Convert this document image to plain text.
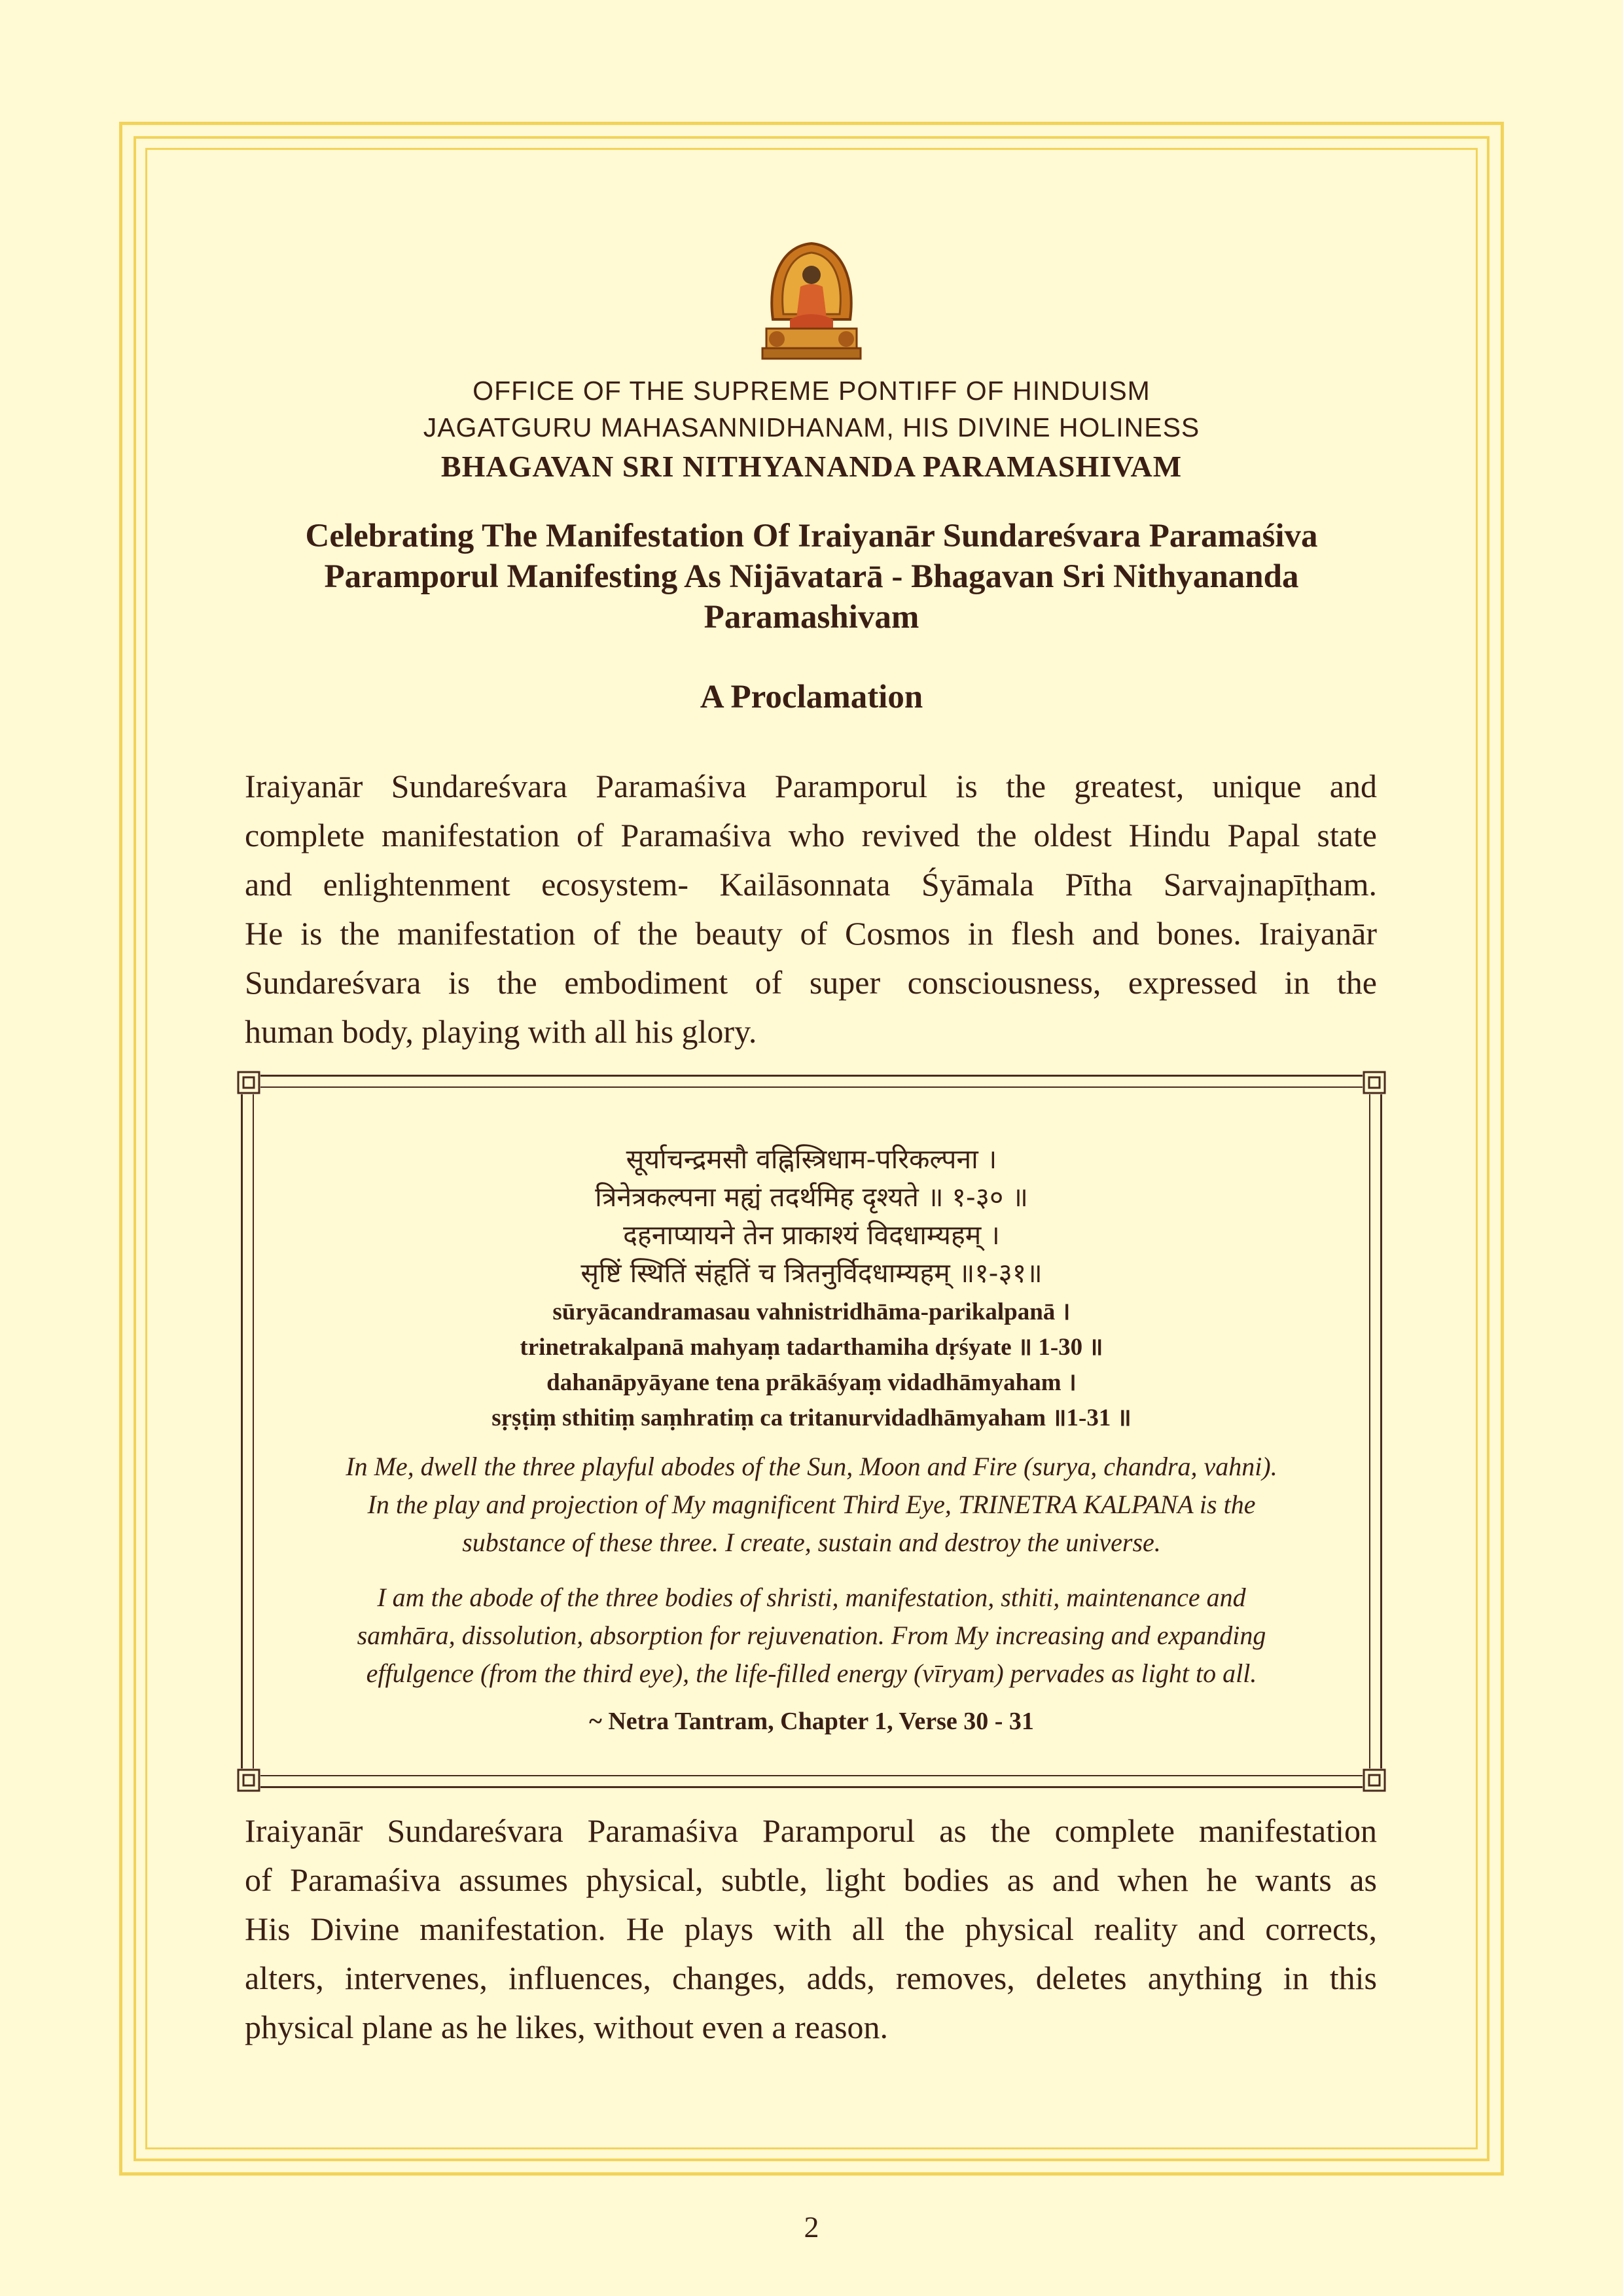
OFFICE OF THE SUPREME PONTIFF OF HINDUISM
JAGATGURU MAHASANNIDHANAM, HIS DIVINE HOLINESS
BHAGAVAN SRI NITHYANANDA PARAMASHIVAM
Celebrating The Manifestation Of Iraiyanār Sundareśvara Paramaśiva
Paramporul Manifesting As Nijāvatarā - Bhagavan Sri Nithyananda
Paramashivam
A Proclamation
Iraiyanār Sundareśvara Paramaśiva Paramporul is the greatest, unique and
complete manifestation of Paramaśiva who revived the oldest Hindu Papal state
and enlightenment ecosystem- Kailāsonnata Śyāmala Pītha Sarvajnapīṭham.
He is the manifestation of the beauty of Cosmos in flesh and bones. Iraiyanār
Sundareśvara is the embodiment of super consciousness, expressed in the
human body, playing with all his glory.
सूर्याचन्द्रमसौ वह्निस्त्रिधाम-परिकल्पना ।
त्रिनेत्रकल्पना मह्यं तदर्थमिह दृश्यते ॥ १-३० ॥
दहनाप्यायने तेन प्राकाश्यं विदधाम्यहम् ।
सृष्टिं स्थितिं संहृतिं च त्रितनुर्विदधाम्यहम् ॥१-३१॥
sūryācandramasau vahnistridhāma-parikalpanā ।
trinetrakalpanā mahyaṃ tadarthamiha dṛśyate ॥ 1-30 ॥
dahanāpyāyane tena prākāśyaṃ vidadhāmyaham ।
sṛṣṭiṃ sthitiṃ saṃhratiṃ ca tritanurvidadhāmyaham ॥1-31 ॥
In Me, dwell the three playful abodes of the Sun, Moon and Fire (surya, chandra, vahni).
In the play and projection of My magnificent Third Eye, TRINETRA KALPANA is the
substance of these three. I create, sustain and destroy the universe.
I am the abode of the three bodies of shristi, manifestation, sthiti, maintenance and
samhāra, dissolution, absorption for rejuvenation. From My increasing and expanding
effulgence (from the third eye), the life-filled energy (vīryam) pervades as light to all.
~ Netra Tantram, Chapter 1, Verse 30 - 31
Iraiyanār Sundareśvara Paramaśiva Paramporul as the complete manifestation
of Paramaśiva assumes physical, subtle, light bodies as and when he wants as
His Divine manifestation. He plays with all the physical reality and corrects,
alters, intervenes, influences, changes, adds, removes, deletes anything in this
physical plane as he likes, without even a reason.
2
